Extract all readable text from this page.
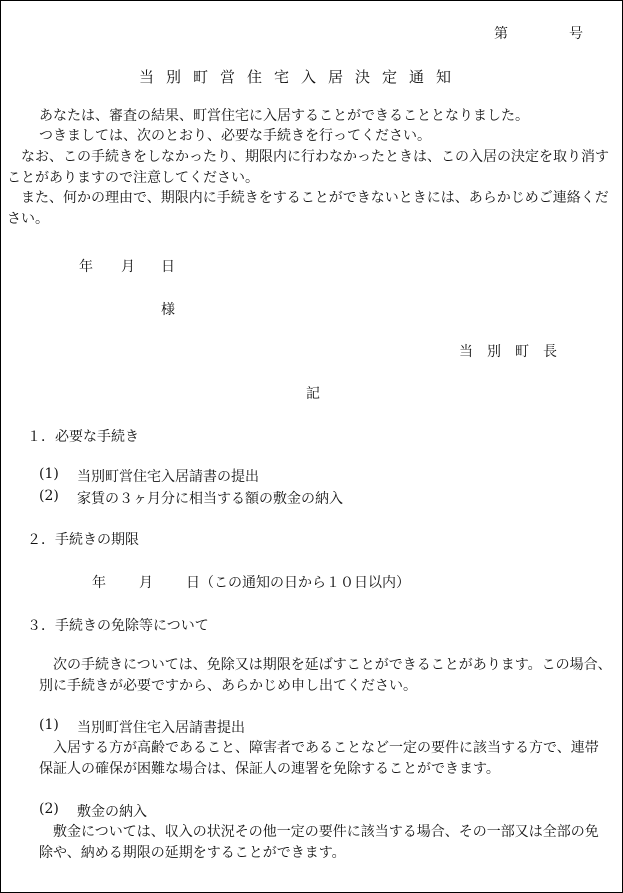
第	号
当別町営住宅入居決定通知
　あなたは、審査の結果、町営住宅に入居することができることとなりました。
　つきましては、次のとおり、必要な手続きを行ってください。
　なお、この手続きをしなかったり、期限内に行わなかったときは、この入居の決定を取り消すことがありますので注意してください。
　また、何かの理由で、期限内に手続きをすることができないときには、あらかじめご連絡ください。
年 月 日
様
当　別　町　長
記
１．必要な手続き
(1) 当別町営住宅入居請書の提出
(2) 家賃の３ヶ月分に相当する額の敷金の納入
２．手続きの期限
年 月 日（この通知の日から１０日以内）
３．手続きの免除等について
　次の手続きについては、免除又は期限を延ばすことができることがあります。この場合、別に手続きが必要ですから、あらかじめ申し出てください。
(1) 当別町営住宅入居請書提出
　入居する方が高齢であること、障害者であることなど一定の要件に該当する方で、連帯保証人の確保が困難な場合は、保証人の連署を免除することができます。
(2) 敷金の納入
　敷金については、収入の状況その他一定の要件に該当する場合、その一部又は全部の免除や、納める期限の延期をすることができます。
